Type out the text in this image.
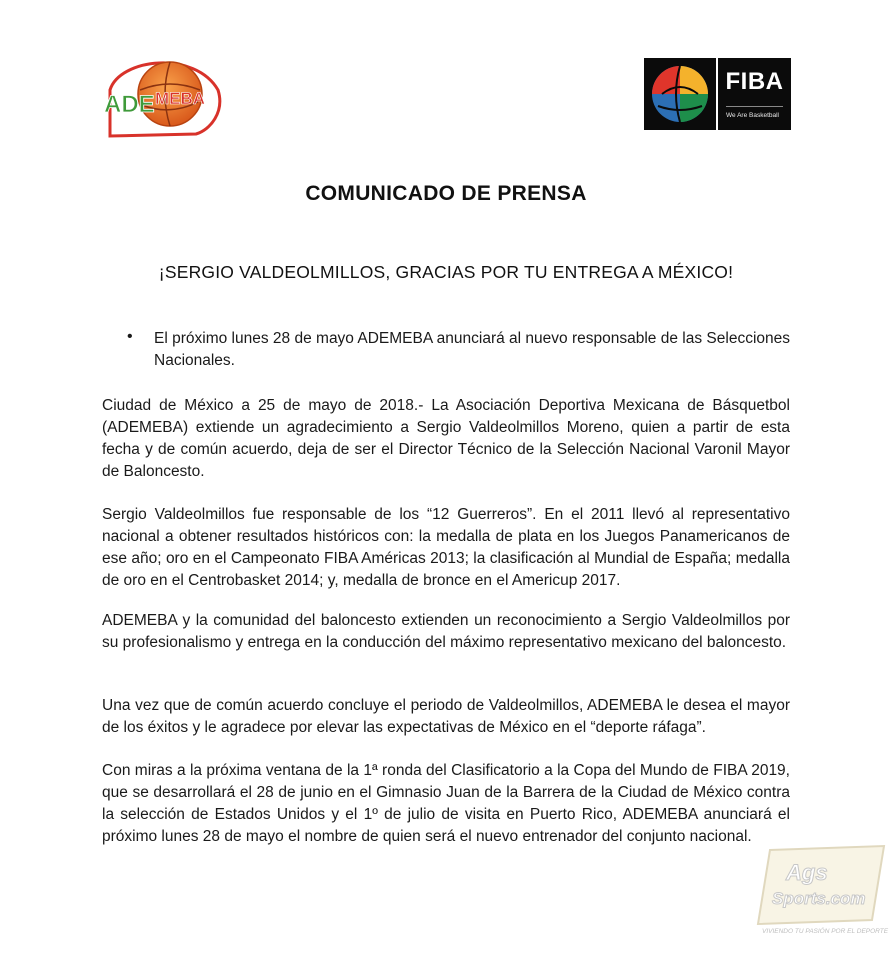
ADE MEBA
FIBA
We Are Basketball
COMUNICADO DE PRENSA
¡SERGIO VALDEOLMILLOS, GRACIAS POR TU ENTREGA A MÉXICO!
• El próximo lunes 28 de mayo ADEMEBA anunciará al nuevo responsable de las Selecciones Nacionales.

Ciudad de México a 25 de mayo de 2018.- La Asociación Deportiva Mexicana de Básquetbol (ADEMEBA) extiende un agradecimiento a Sergio Valdeolmillos Moreno, quien a partir de esta fecha y de común acuerdo, deja de ser el Director Técnico de la Selección Nacional Varonil Mayor de Baloncesto.

Sergio Valdeolmillos fue responsable de los “12 Guerreros”. En el 2011 llevó al representativo nacional a obtener resultados históricos con: la medalla de plata en los Juegos Panamericanos de ese año; oro en el Campeonato FIBA Américas 2013; la clasificación al Mundial de España; medalla de oro en el Centrobasket 2014; y, medalla de bronce en el Americup 2017.

ADEMEBA y la comunidad del baloncesto extienden un reconocimiento a Sergio Valdeolmillos por su profesionalismo y entrega en la conducción del máximo representativo mexicano del baloncesto.

Una vez que de común acuerdo concluye el periodo de Valdeolmillos, ADEMEBA le desea el mayor de los éxitos y le agradece por elevar las expectativas de México en el “deporte ráfaga”.

Con miras a la próxima ventana de la 1ª ronda del Clasificatorio a la Copa del Mundo de FIBA 2019, que se desarrollará el 28 de junio en el Gimnasio Juan de la Barrera de la Ciudad de México contra la selección de Estados Unidos y el 1º de julio de visita en Puerto Rico, ADEMEBA anunciará el próximo lunes 28 de mayo el nombre de quien será el nuevo entrenador del conjunto nacional.

Ags
Sports.com
VIVIENDO TU PASIÓN POR EL DEPORTE
